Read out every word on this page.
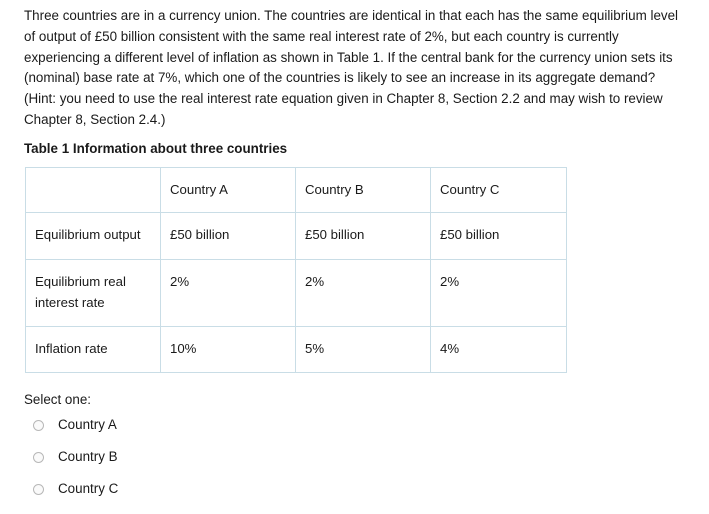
Three countries are in a currency union. The countries are identical in that each has the same equilibrium level of output of £50 billion consistent with the same real interest rate of 2%, but each country is currently experiencing a different level of inflation as shown in Table 1. If the central bank for the currency union sets its (nominal) base rate at 7%, which one of the countries is likely to see an increase in its aggregate demand? (Hint: you need to use the real interest rate equation given in Chapter 8, Section 2.2 and may wish to review Chapter 8, Section 2.4.)

Table 1 Information about three countries

	Country A	Country B	Country C
Equilibrium output	£50 billion	£50 billion	£50 billion
Equilibrium real interest rate	2%	2%	2%
Inflation rate	10%	5%	4%

Select one:

Country A
Country B
Country C
